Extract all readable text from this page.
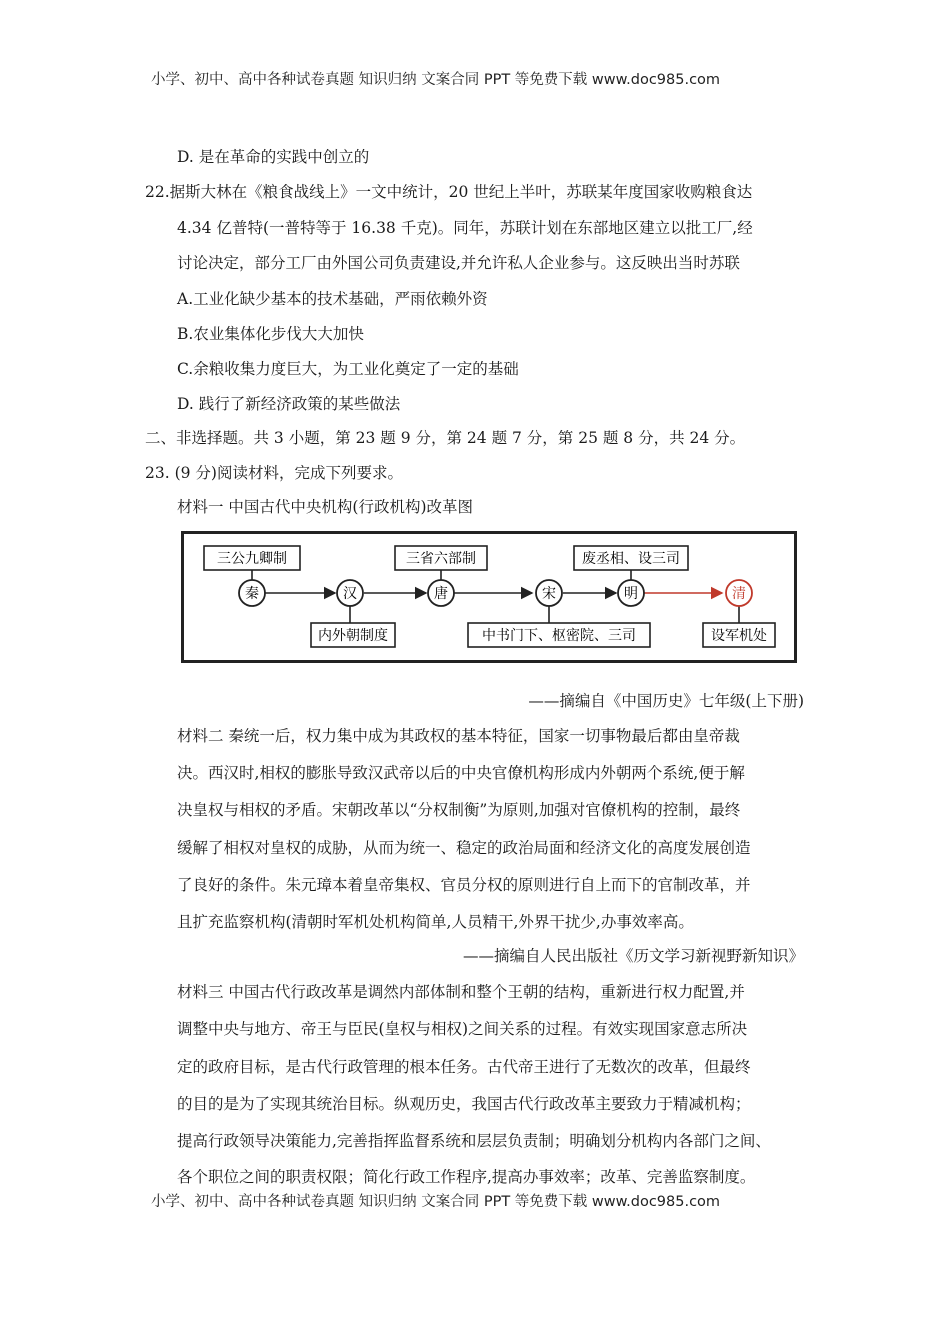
小学、初中、高中各种试卷真题 知识归纳 文案合同 PPT 等免费下载 www.doc985.com
D. 是在革命的实践中创立的
22.据斯大林在《粮食战线上》一文中统计，20 世纪上半叶，苏联某年度国家收购粮食达
4.34 亿普特(一普特等于 16.38 千克)。同年，苏联计划在东部地区建立以批工厂,经
讨论决定，部分工厂由外国公司负责建设,并允许私人企业参与。这反映出当时苏联
A.工业化缺少基本的技术基础，严雨依赖外资
B.农业集体化步伐大大加快
C.余粮收集力度巨大，为工业化奠定了一定的基础
D. 践行了新经济政策的某些做法
二、非选择题。共 3 小题，第 23 题 9 分，第 24 题 7 分，第 25 题 8 分，共 24 分。
23. (9 分)阅读材料，完成下列要求。
材料一 中国古代中央机构(行政机构)改革图
三公九卿制	三省六部制	废丞相、设三司
内外朝制度	中书门下、枢密院、三司	设军机处
秦	汉	唐	宋	明	清
——摘编自《中国历史》七年级(上下册)
材料二 秦统一后，权力集中成为其政权的基本特征，国家一切事物最后都由皇帝裁
决。西汉时,相权的膨胀导致汉武帝以后的中央官僚机构形成内外朝两个系统,便于解
决皇权与相权的矛盾。宋朝改革以“分权制衡”为原则,加强对官僚机构的控制，最终
缓解了相权对皇权的成胁，从而为统一、稳定的政治局面和经济文化的高度发展创造
了良好的条件。朱元璋本着皇帝集权、官员分权的原则进行自上而下的官制改革，并
且扩充监察机构(清朝时军机处机构简单,人员精干,外界干扰少,办事效率高。
——摘编自人民出版社《历文学习新视野新知识》
材料三 中国古代行政改革是调然内部体制和整个王朝的结构，重新进行权力配置,并
调整中央与地方、帝王与臣民(皇权与相权)之间关系的过程。有效实现国家意志所决
定的政府目标，是古代行政管理的根本任务。古代帝王进行了无数次的改革，但最终
的目的是为了实现其统治目标。纵观历史，我国古代行政改革主要致力于精减机构；
提高行政领导决策能力,完善指挥监督系统和层层负责制；明确划分机构内各部门之间、
各个职位之间的职责权限；简化行政工作程序,提高办事效率；改革、完善监察制度。
小学、初中、高中各种试卷真题 知识归纳 文案合同 PPT 等免费下载 www.doc985.com
